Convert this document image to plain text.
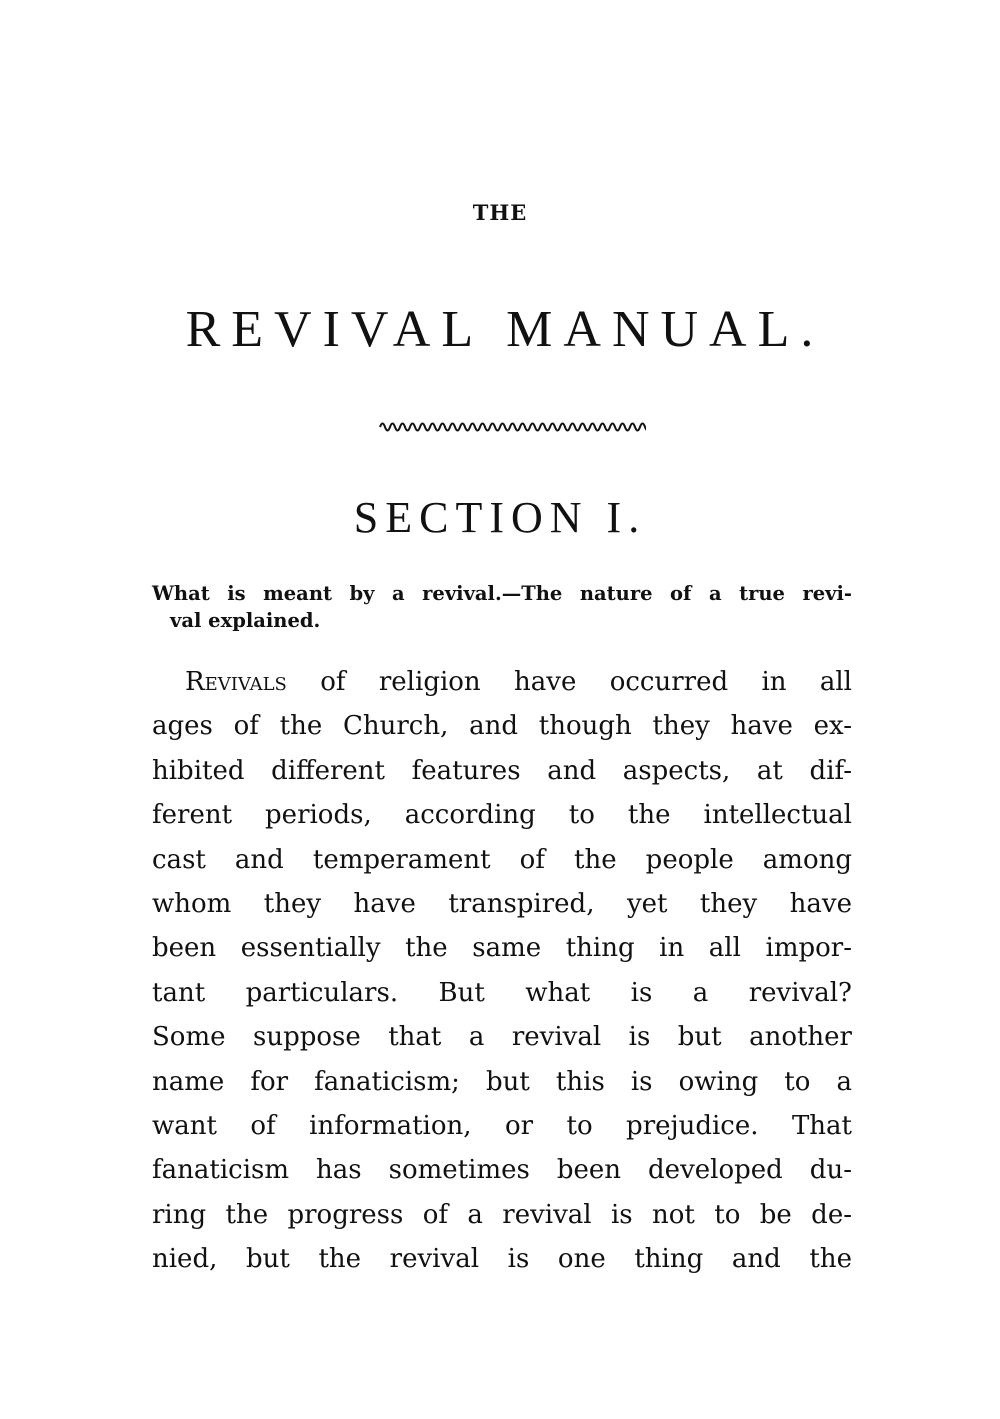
THE
REVIVAL MANUAL.
SECTION I.
What is meant by a revival.—The nature of a true revi-
val explained.
Revivals of religion have occurred in all
ages of the Church, and though they have ex-
hibited different features and aspects, at dif-
ferent periods, according to the intellectual
cast and temperament of the people among
whom they have transpired, yet they have
been essentially the same thing in all impor-
tant particulars. But what is a revival?
Some suppose that a revival is but another
name for fanaticism; but this is owing to a
want of information, or to prejudice. That
fanaticism has sometimes been developed du-
ring the progress of a revival is not to be de-
nied, but the revival is one thing and the
